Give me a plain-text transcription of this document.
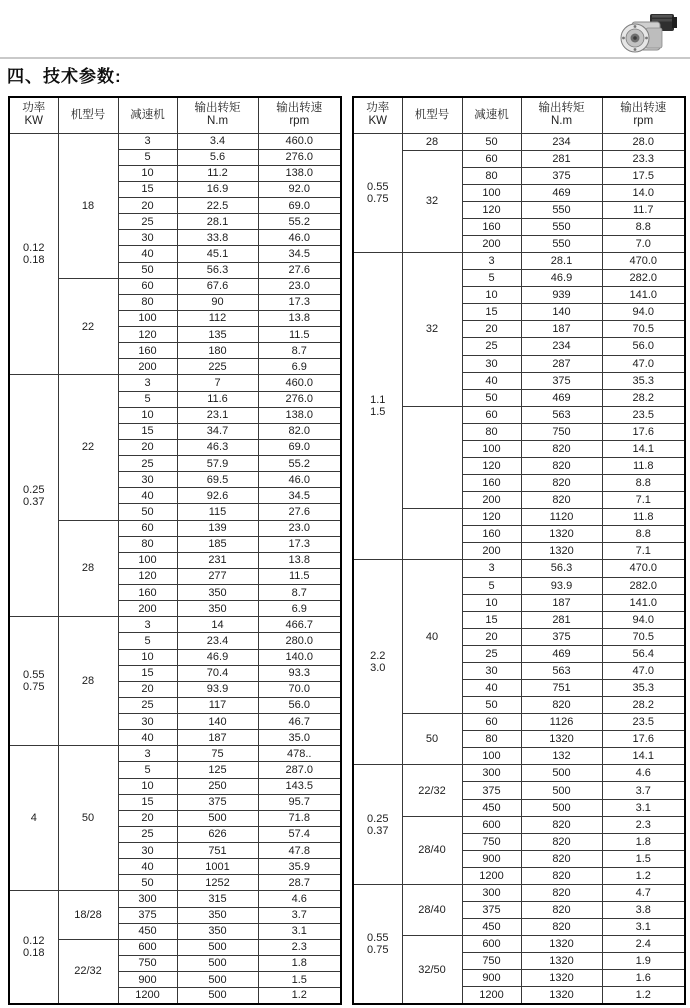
四、技术参数:
功率
KW	机型号	减速机	输出转矩
N.m	输出转速
rpm
0.12
0.18	18	3	3.4	460.0
		5	5.6	276.0
		10	11.2	138.0
		15	16.9	92.0
		20	22.5	69.0
		25	28.1	55.2
		30	33.8	46.0
		40	45.1	34.5
		50	56.3	27.6
	22	60	67.6	23.0
		80	90	17.3
		100	112	13.8
		120	135	11.5
		160	180	8.7
		200	225	6.9
0.25
0.37	22	3	7	460.0
		5	11.6	276.0
		10	23.1	138.0
		15	34.7	82.0
		20	46.3	69.0
		25	57.9	55.2
		30	69.5	46.0
		40	92.6	34.5
		50	115	27.6
	28	60	139	23.0
		80	185	17.3
		100	231	13.8
		120	277	11.5
		160	350	8.7
		200	350	6.9
0.55
0.75	28	3	14	466.7
		5	23.4	280.0
		10	46.9	140.0
		15	70.4	93.3
		20	93.9	70.0
		25	117	56.0
		30	140	46.7
		40	187	35.0
4	50	3	75	478..
		5	125	287.0
		10	250	143.5
		15	375	95.7
		20	500	71.8
		25	626	57.4
		30	751	47.8
		40	1001	35.9
		50	1252	28.7
0.12
0.18	18/28	300	315	4.6
		375	350	3.7
		450	350	3.1
	22/32	600	500	2.3
		750	500	1.8
		900	500	1.5
		1200	500	1.2
功率
KW	机型号	减速机	输出转矩
N.m	输出转速
rpm
0.55
0.75	28	50	234	28.0
	32	60	281	23.3
		80	375	17.5
		100	469	14.0
		120	550	11.7
		160	550	8.8
		200	550	7.0
1.1
1.5	32	3	28.1	470.0
		5	46.9	282.0
		10	939	141.0
		15	140	94.0
		20	187	70.5
		25	234	56.0
		30	287	47.0
		40	375	35.3
		50	469	28.2
		60	563	23.5
		80	750	17.6
		100	820	14.1
		120	820	11.8
		160	820	8.8
		200	820	7.1
		120	1120	11.8
		160	1320	8.8
		200	1320	7.1
2.2
3.0	40	3	56.3	470.0
		5	93.9	282.0
		10	187	141.0
		15	281	94.0
		20	375	70.5
		25	469	56.4
		30	563	47.0
		40	751	35.3
		50	820	28.2
	50	60	1126	23.5
		80	1320	17.6
		100	132	14.1
0.25
0.37	22/32	300	500	4.6
		375	500	3.7
		450	500	3.1
	28/40	600	820	2.3
		750	820	1.8
		900	820	1.5
		1200	820	1.2
0.55
0.75	28/40	300	820	4.7
		375	820	3.8
		450	820	3.1
	32/50	600	1320	2.4
		750	1320	1.9
		900	1320	1.6
		1200	1320	1.2
